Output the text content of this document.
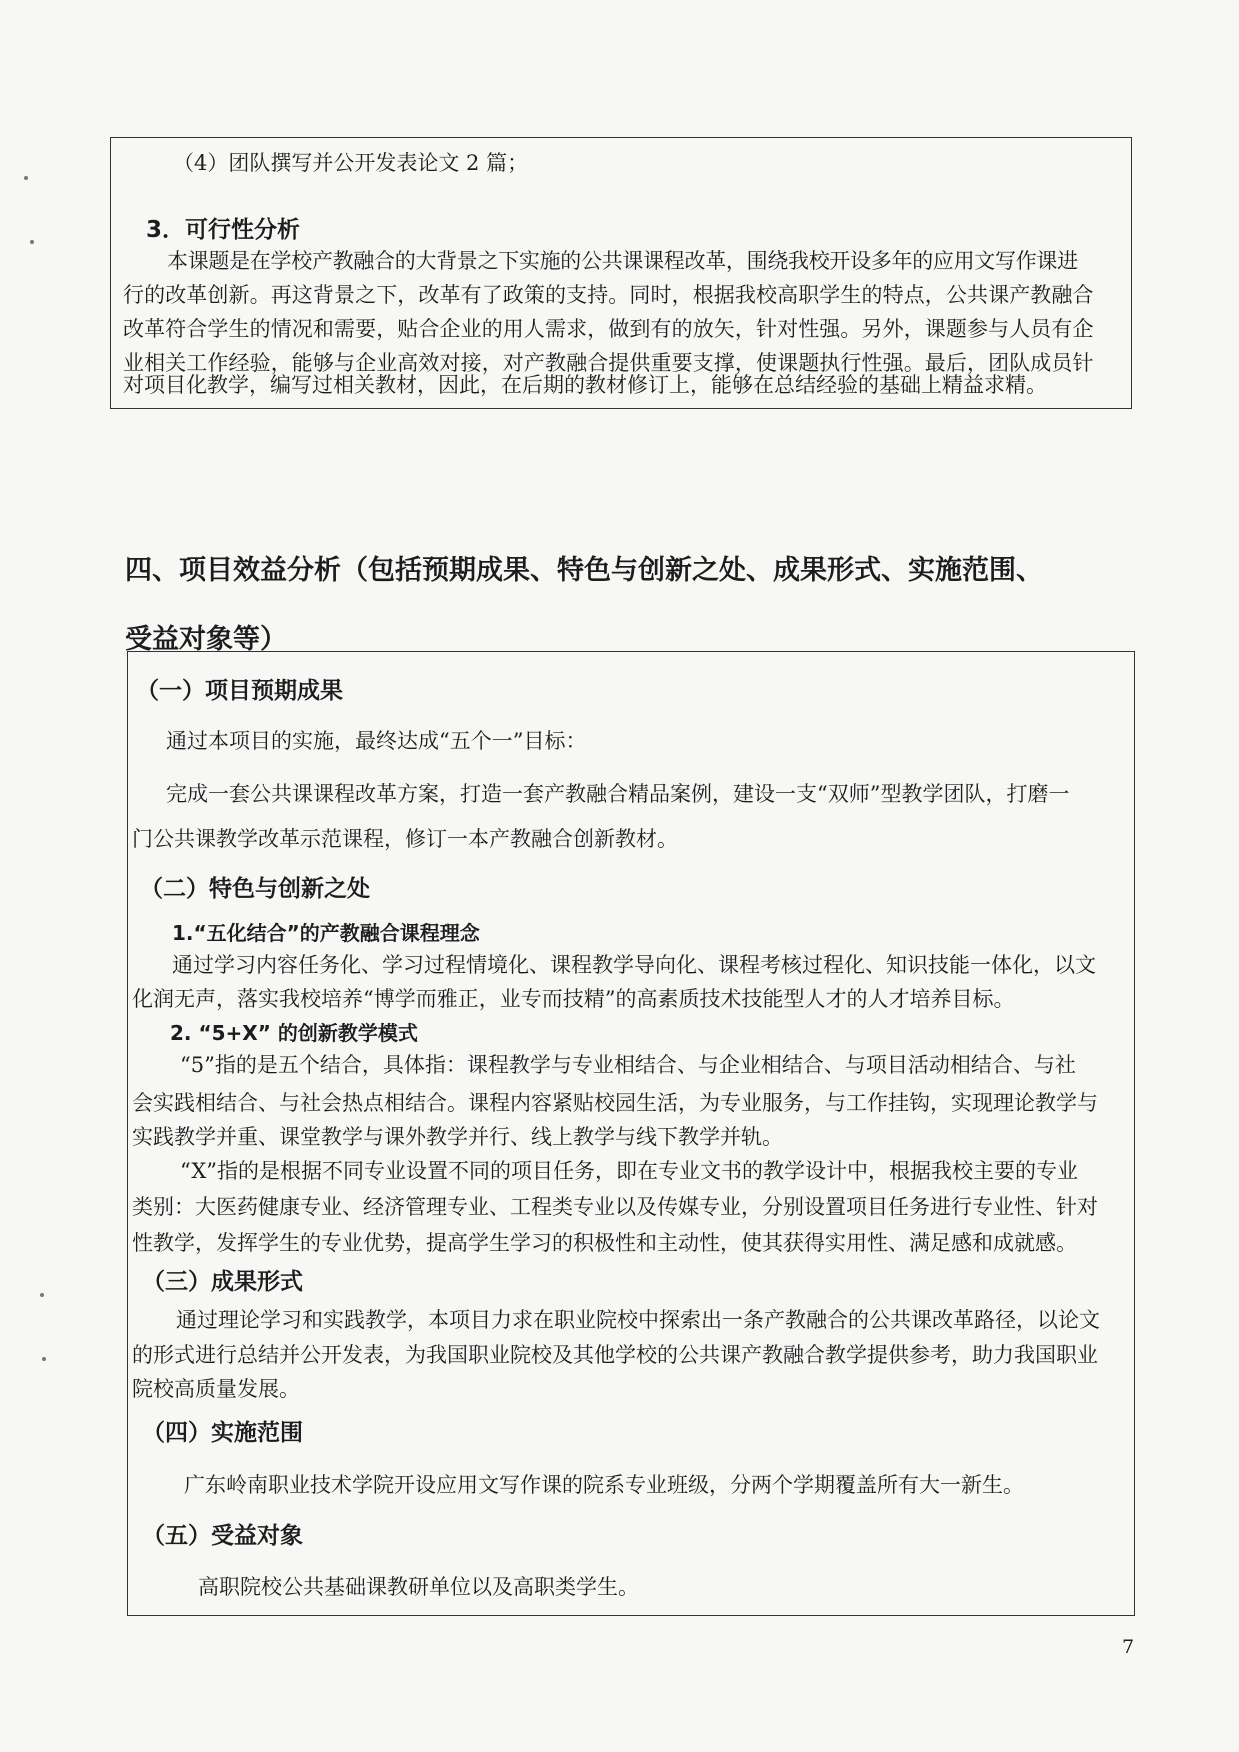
（4）团队撰写并公开发表论文 2 篇；
3．可行性分析
本课题是在学校产教融合的大背景之下实施的公共课课程改革，围绕我校开设多年的应用文写作课进
行的改革创新。再这背景之下，改革有了政策的支持。同时，根据我校高职学生的特点，公共课产教融合
改革符合学生的情况和需要，贴合企业的用人需求，做到有的放矢，针对性强。另外，课题参与人员有企
业相关工作经验，能够与企业高效对接，对产教融合提供重要支撑，使课题执行性强。最后，团队成员针
对项目化教学，编写过相关教材，因此，在后期的教材修订上，能够在总结经验的基础上精益求精。
四、项目效益分析（包括预期成果、特色与创新之处、成果形式、实施范围、
受益对象等）
（一）项目预期成果
通过本项目的实施，最终达成“五个一”目标：
完成一套公共课课程改革方案，打造一套产教融合精品案例，建设一支“双师”型教学团队，打磨一
门公共课教学改革示范课程，修订一本产教融合创新教材。
（二）特色与创新之处
1.“五化结合”的产教融合课程理念
通过学习内容任务化、学习过程情境化、课程教学导向化、课程考核过程化、知识技能一体化，以文
化润无声，落实我校培养“博学而雅正，业专而技精”的高素质技术技能型人才的人才培养目标。
2. “5+X” 的创新教学模式
“5”指的是五个结合，具体指：课程教学与专业相结合、与企业相结合、与项目活动相结合、与社
会实践相结合、与社会热点相结合。课程内容紧贴校园生活，为专业服务，与工作挂钩，实现理论教学与
实践教学并重、课堂教学与课外教学并行、线上教学与线下教学并轨。
“X”指的是根据不同专业设置不同的项目任务，即在专业文书的教学设计中，根据我校主要的专业
类别：大医药健康专业、经济管理专业、工程类专业以及传媒专业，分别设置项目任务进行专业性、针对
性教学，发挥学生的专业优势，提高学生学习的积极性和主动性，使其获得实用性、满足感和成就感。
（三）成果形式
通过理论学习和实践教学，本项目力求在职业院校中探索出一条产教融合的公共课改革路径，以论文
的形式进行总结并公开发表，为我国职业院校及其他学校的公共课产教融合教学提供参考，助力我国职业
院校高质量发展。
（四）实施范围
广东岭南职业技术学院开设应用文写作课的院系专业班级，分两个学期覆盖所有大一新生。
（五）受益对象
高职院校公共基础课教研单位以及高职类学生。
7
